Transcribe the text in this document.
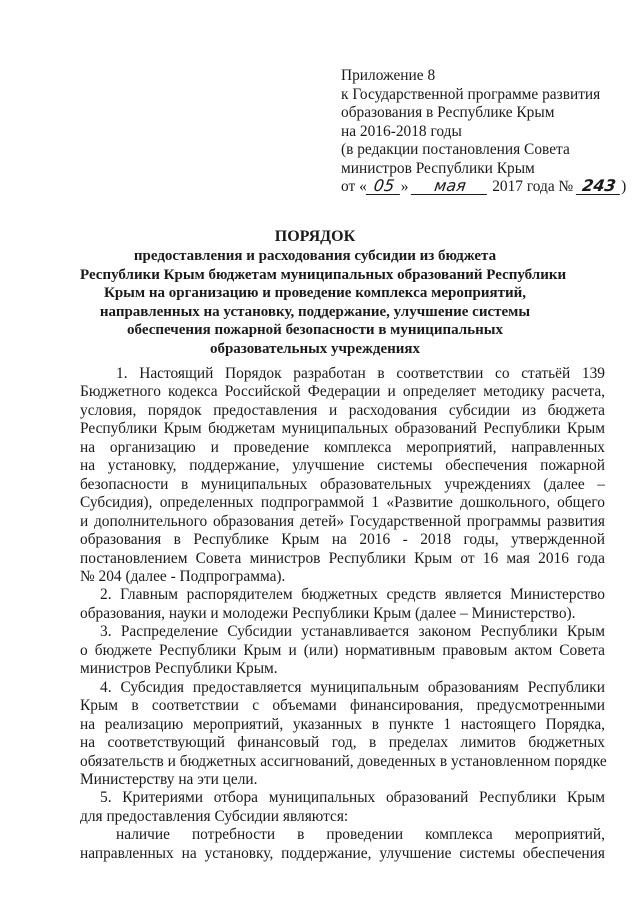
Приложение 8
к Государственной программе развития
образования в Республике Крым
на 2016-2018 годы
(в редакции постановления Совета
министров Республики Крым
от « 05 » мая 2017 года № 243 )
ПОРЯДОК
предоставления и расходования субсидии из бюджета
Республики Крым бюджетам муниципальных образований Республики
Крым на организацию и проведение комплекса мероприятий,
направленных на установку, поддержание, улучшение системы
обеспечения пожарной безопасности в муниципальных
образовательных учреждениях
1. Настоящий Порядок разработан в соответствии со статьёй 139
Бюджетного кодекса Российской Федерации и определяет методику расчета,
условия, порядок предоставления и расходования субсидии из бюджета
Республики Крым бюджетам муниципальных образований Республики Крым
на организацию и проведение комплекса мероприятий, направленных
на установку, поддержание, улучшение системы обеспечения пожарной
безопасности в муниципальных образовательных учреждениях (далее –
Субсидия), определенных подпрограммой 1 «Развитие дошкольного, общего
и дополнительного образования детей» Государственной программы развития
образования в Республике Крым на 2016 - 2018 годы, утвержденной
постановлением Совета министров Республики Крым от 16 мая 2016 года
№ 204 (далее - Подпрограмма).
2. Главным распорядителем бюджетных средств является Министерство
образования, науки и молодежи Республики Крым (далее – Министерство).
3. Распределение Субсидии устанавливается законом Республики Крым
о бюджете Республики Крым и (или) нормативным правовым актом Совета
министров Республики Крым.
4. Субсидия предоставляется муниципальным образованиям Республики
Крым в соответствии с объемами финансирования, предусмотренными
на реализацию мероприятий, указанных в пункте 1 настоящего Порядка,
на соответствующий финансовый год, в пределах лимитов бюджетных
обязательств и бюджетных ассигнований, доведенных в установленном порядке
Министерству на эти цели.
5. Критериями отбора муниципальных образований Республики Крым
для предоставления Субсидии являются:
наличие потребности в проведении комплекса мероприятий,
направленных на установку, поддержание, улучшение системы обеспечения
